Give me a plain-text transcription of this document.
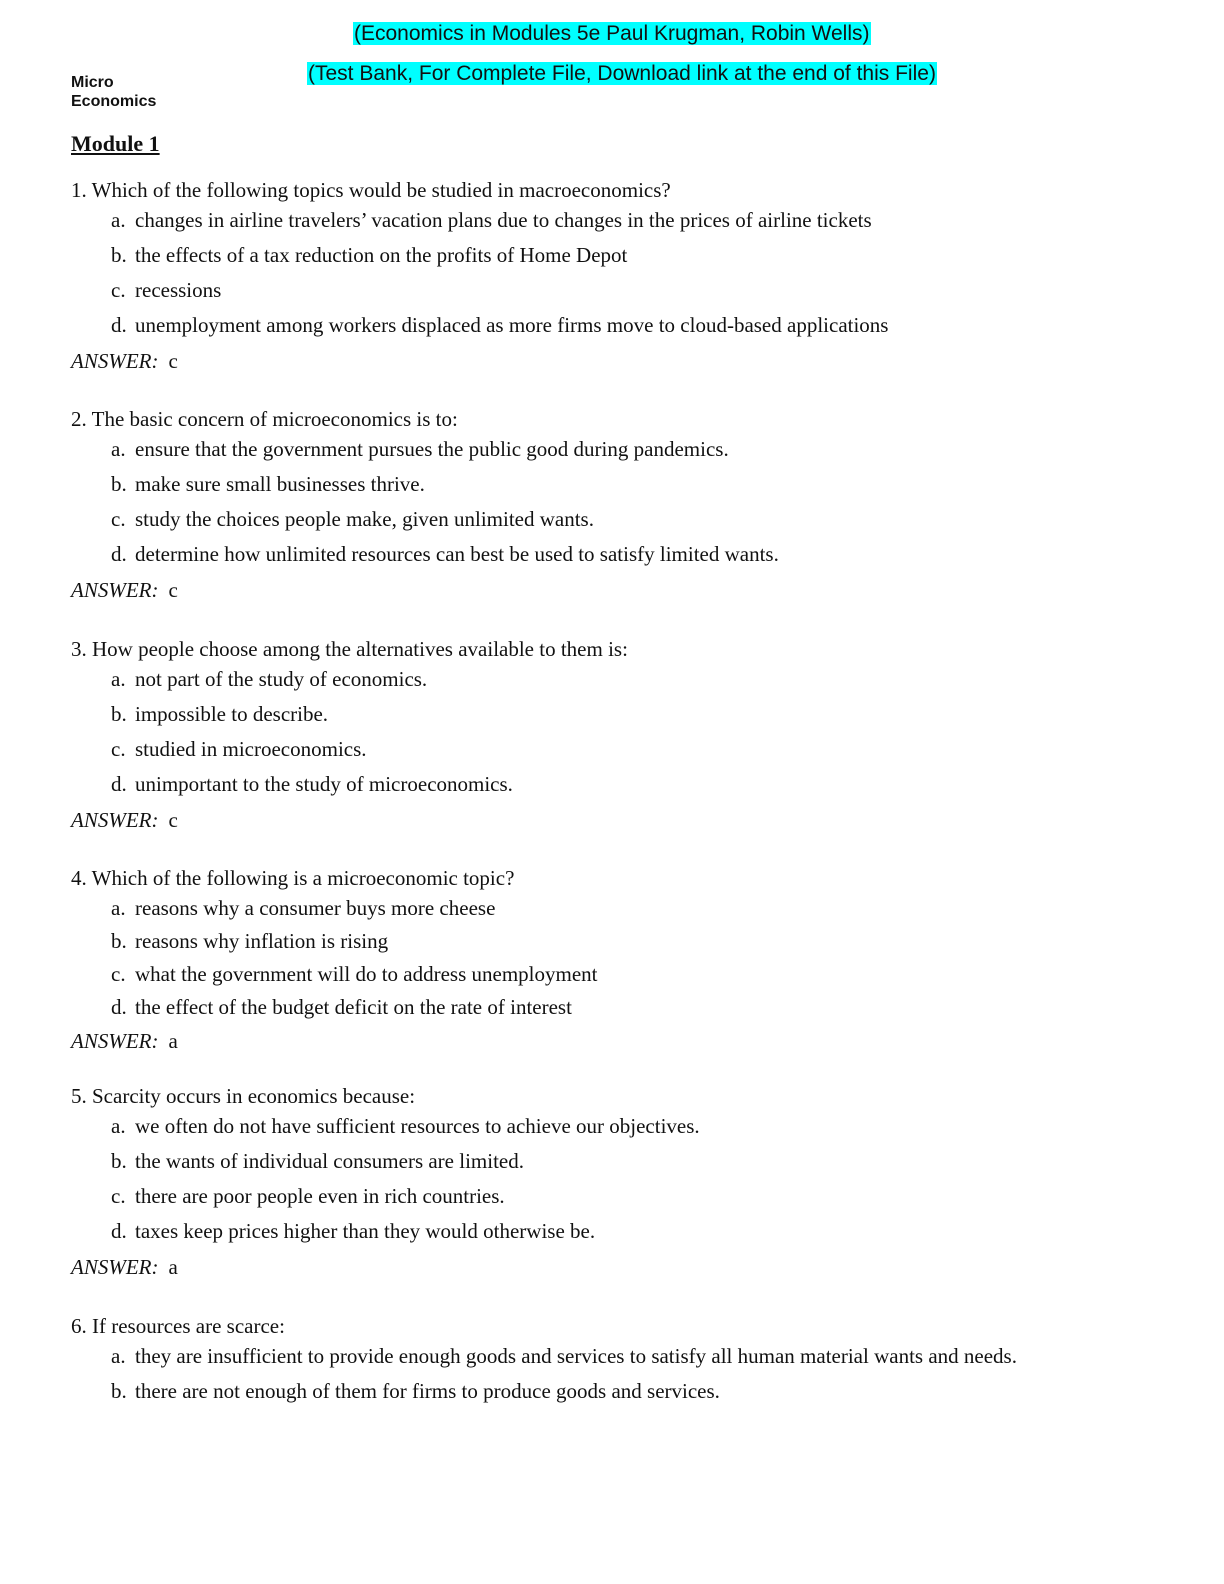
(Economics in Modules 5e Paul Krugman, Robin Wells)
(Test Bank, For Complete File, Download link at the end of this File)
Micro
Economics
Module 1
1. Which of the following topics would be studied in macroeconomics?
a. changes in airline travelers’ vacation plans due to changes in the prices of airline tickets
b. the effects of a tax reduction on the profits of Home Depot
c. recessions
d. unemployment among workers displaced as more firms move to cloud-based applications
ANSWER: c
2. The basic concern of microeconomics is to:
a. ensure that the government pursues the public good during pandemics.
b. make sure small businesses thrive.
c. study the choices people make, given unlimited wants.
d. determine how unlimited resources can best be used to satisfy limited wants.
ANSWER: c
3. How people choose among the alternatives available to them is:
a. not part of the study of economics.
b. impossible to describe.
c. studied in microeconomics.
d. unimportant to the study of microeconomics.
ANSWER: c
4. Which of the following is a microeconomic topic?
a. reasons why a consumer buys more cheese
b. reasons why inflation is rising
c. what the government will do to address unemployment
d. the effect of the budget deficit on the rate of interest
ANSWER: a
5. Scarcity occurs in economics because:
a. we often do not have sufficient resources to achieve our objectives.
b. the wants of individual consumers are limited.
c. there are poor people even in rich countries.
d. taxes keep prices higher than they would otherwise be.
ANSWER: a
6. If resources are scarce:
a. they are insufficient to provide enough goods and services to satisfy all human material wants and needs.
b. there are not enough of them for firms to produce goods and services.
